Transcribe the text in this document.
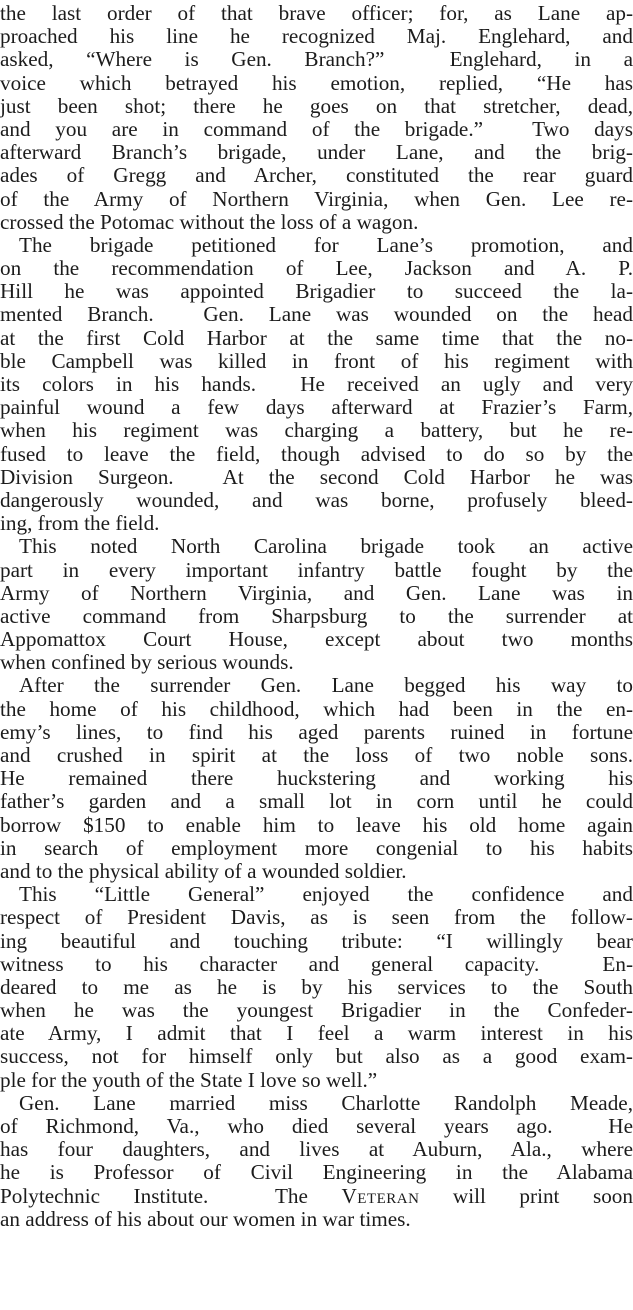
the last order of that brave officer; for, as Lane ap-
proached his line he recognized Maj. Englehard, and
asked, “Where is Gen. Branch?”  Englehard, in a
voice which betrayed his emotion, replied, “He has
just been shot; there he goes on that stretcher, dead,
and you are in command of the brigade.”  Two days
afterward Branch’s brigade, under Lane, and the brig-
ades of Gregg and Archer, constituted the rear guard
of the Army of Northern Virginia, when Gen. Lee re-
crossed the Potomac without the loss of a wagon.
The brigade petitioned for Lane’s promotion, and
on the recommendation of Lee, Jackson and A. P.
Hill he was appointed Brigadier to succeed the la-
mented Branch.  Gen. Lane was wounded on the head
at the first Cold Harbor at the same time that the no-
ble Campbell was killed in front of his regiment with
its colors in his hands.  He received an ugly and very
painful wound a few days afterward at Frazier’s Farm,
when his regiment was charging a battery, but he re-
fused to leave the field, though advised to do so by the
Division Surgeon.  At the second Cold Harbor he was
dangerously wounded, and was borne, profusely bleed-
ing, from the field.
This noted North Carolina brigade took an active
part in every important infantry battle fought by the
Army of Northern Virginia, and Gen. Lane was in
active command from Sharpsburg to the surrender at
Appomattox Court House, except about two months
when confined by serious wounds.
After the surrender Gen. Lane begged his way to
the home of his childhood, which had been in the en-
emy’s lines, to find his aged parents ruined in fortune
and crushed in spirit at the loss of two noble sons.
He remained there huckstering and working his
father’s garden and a small lot in corn until he could
borrow $150 to enable him to leave his old home again
in search of employment more congenial to his habits
and to the physical ability of a wounded soldier.
This “Little General” enjoyed the confidence and
respect of President Davis, as is seen from the follow-
ing beautiful and touching tribute: “I willingly bear
witness to his character and general capacity.  En-
deared to me as he is by his services to the South
when he was the youngest Brigadier in the Confeder-
ate Army, I admit that I feel a warm interest in his
success, not for himself only but also as a good exam-
ple for the youth of the State I love so well.”
Gen. Lane married miss Charlotte Randolph Meade,
of Richmond, Va., who died several years ago.  He
has four daughters, and lives at Auburn, Ala., where
he is Professor of Civil Engineering in the Alabama
Polytechnic Institute.  The Veteran will print soon
an address of his about our women in war times.
